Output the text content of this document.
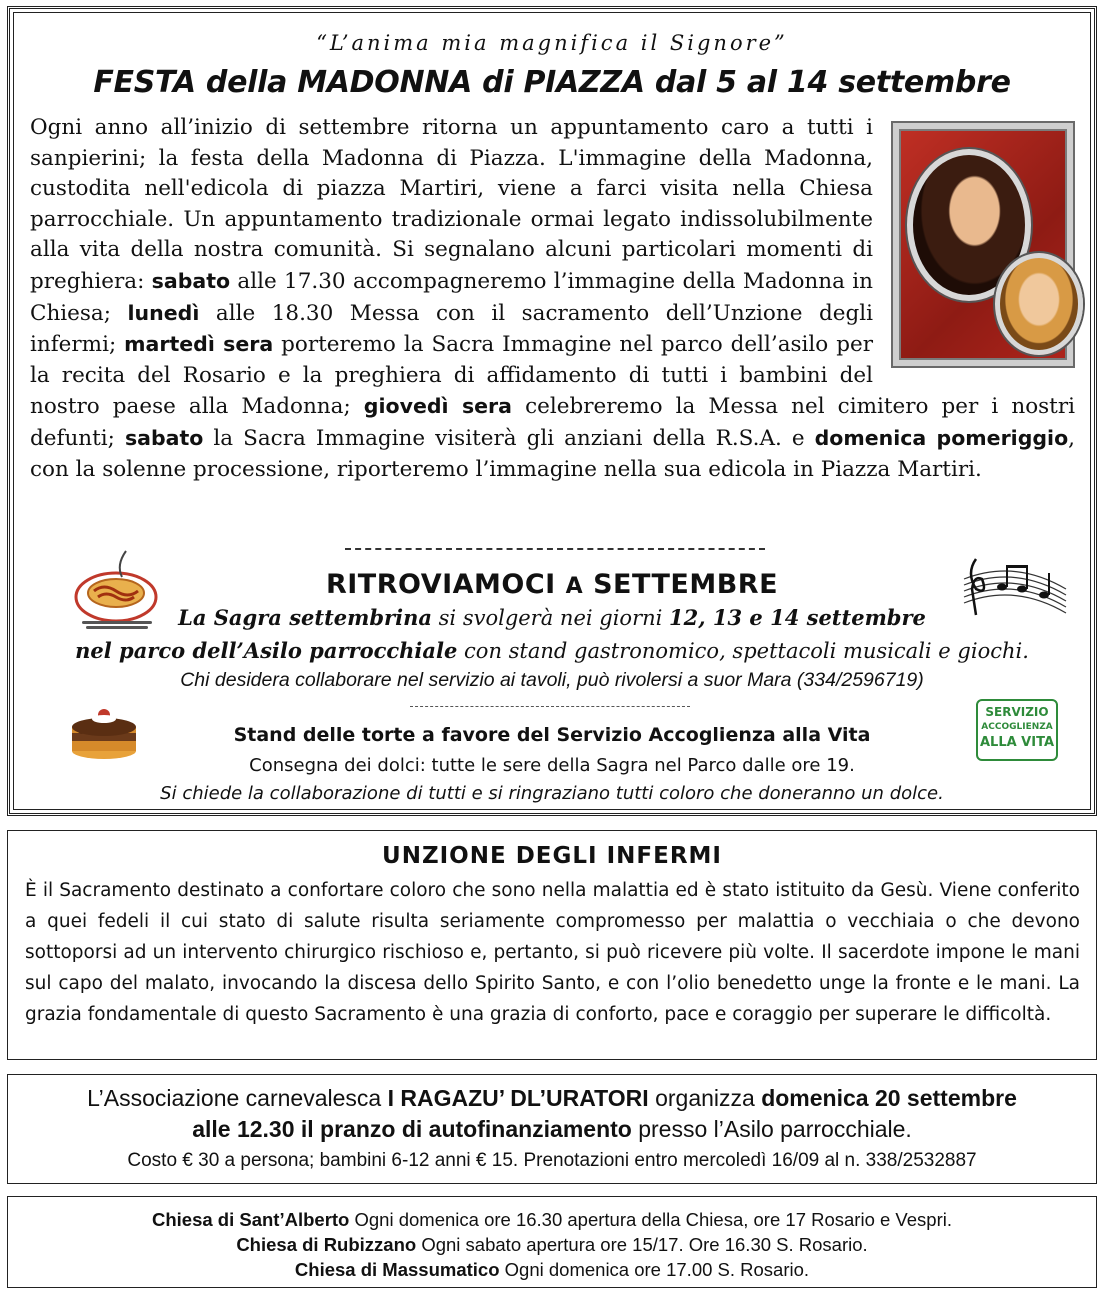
“L’anima mia magnifica il Signore”
FESTA della MADONNA di PIAZZA dal 5 al 14 settembre
Ogni anno all’inizio di settembre ritorna un appuntamento caro a tutti i sanpierini; la festa della Madonna di Piazza. L'immagine della Madonna, custodita nell'edicola di piazza Martiri, viene a farci visita nella Chiesa parrocchiale. Un appuntamento tradizionale ormai legato indissolubilmente alla vita della nostra comunità. Si segnalano alcuni particolari momenti di preghiera: sabato alle 17.30 accompagneremo l’immagine della Madonna in Chiesa; lunedì alle 18.30 Messa con il sacramento dell’Unzione degli infermi; martedì sera porteremo la Sacra Immagine nel parco dell’asilo per la recita del Rosario e la preghiera di affidamento di tutti i bambini del nostro paese alla Madonna; giovedì sera celebreremo la Messa nel cimitero per i nostri defunti; sabato la Sacra Immagine visiterà gli anziani della R.S.A. e domenica pomeriggio, con la solenne processione, riporteremo l’immagine nella sua edicola in Piazza Martiri.
RITROVIAMOCI A SETTEMBRE
La Sagra settembrina si svolgerà nei giorni 12, 13 e 14 settembre
nel parco dell’Asilo parrocchiale con stand gastronomico, spettacoli musicali e giochi.
Chi desidera collaborare nel servizio ai tavoli, può rivolersi a suor Mara (334/2596719)
Stand delle torte a favore del Servizio Accoglienza alla Vita
Consegna dei dolci: tutte le sere della Sagra nel Parco dalle ore 19.
Si chiede la collaborazione di tutti e si ringraziano tutti coloro che doneranno un dolce.
SERVIZIO
ACCOGLIENZA
ALLA VITA
UNZIONE DEGLI INFERMI
È il Sacramento destinato a confortare coloro che sono nella malattia ed è stato istituito da Gesù. Viene conferito a quei fedeli il cui stato di salute risulta seriamente compromesso per malattia o vecchiaia o che devono sottoporsi ad un intervento chirurgico rischioso e, pertanto, si può ricevere più volte. Il sacerdote impone le mani sul capo del malato, invocando la discesa dello Spirito Santo, e con l’olio benedetto unge la fronte e le mani. La grazia fondamentale di questo Sacramento è una grazia di conforto, pace e coraggio per superare le difficoltà.
L’Associazione carnevalesca I RAGAZU’ DL’URATORI organizza domenica 20 settembre
alle 12.30 il pranzo di autofinanziamento presso l’Asilo parrocchiale.
Costo € 30 a persona; bambini 6-12 anni € 15. Prenotazioni entro mercoledì 16/09 al n. 338/2532887
Chiesa di Sant’Alberto Ogni domenica ore 16.30 apertura della Chiesa, ore 17 Rosario e Vespri.
Chiesa di Rubizzano Ogni sabato apertura ore 15/17. Ore 16.30 S. Rosario.
Chiesa di Massumatico Ogni domenica ore 17.00 S. Rosario.
